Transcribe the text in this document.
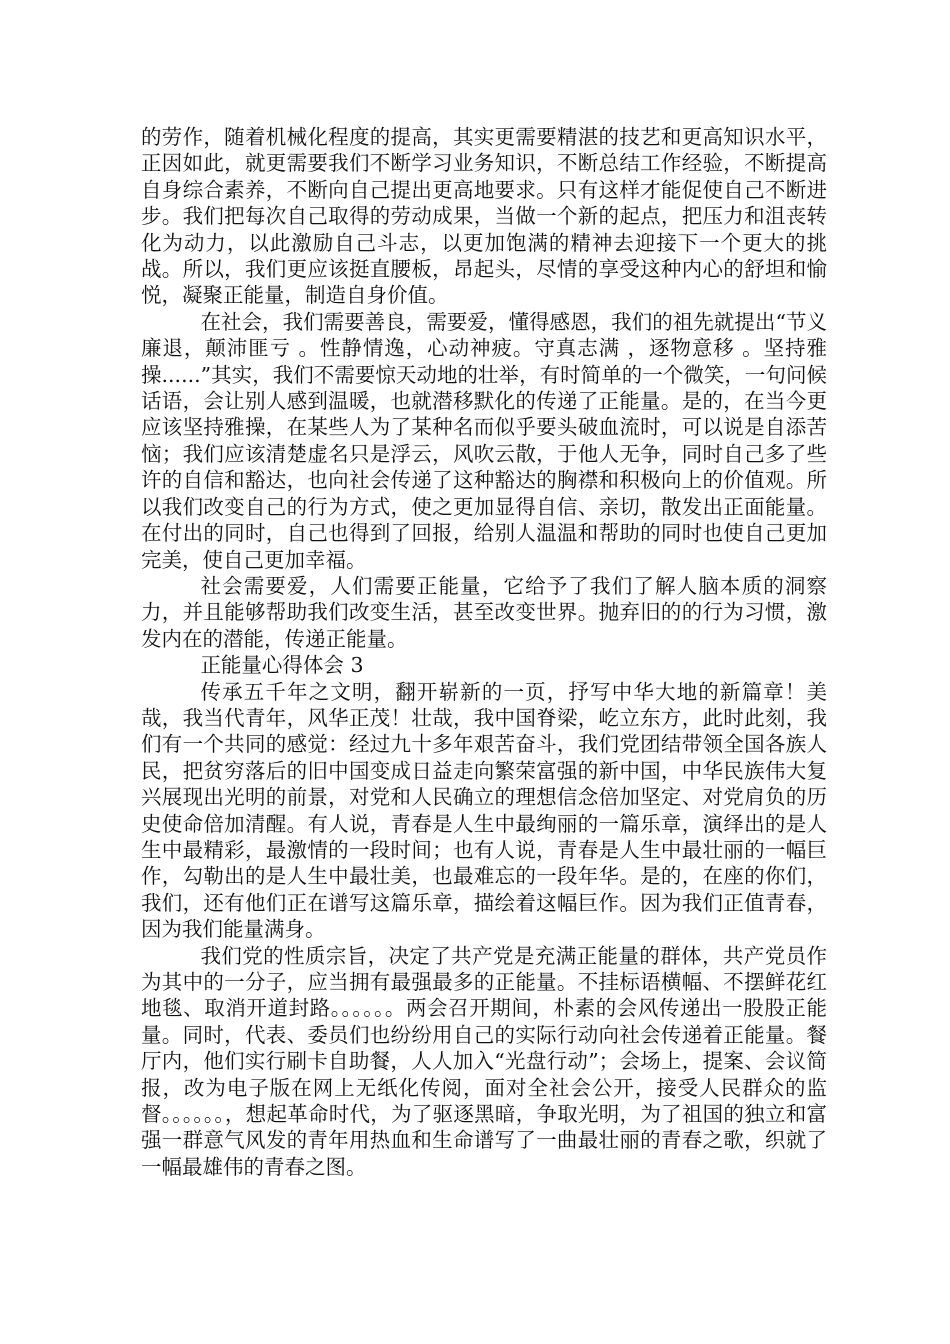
的劳作，随着机械化程度的提高，其实更需要精湛的技艺和更高知识水平，正因如此，就更需要我们不断学习业务知识，不断总结工作经验，不断提高自身综合素养，不断向自己提出更高地要求。只有这样才能促使自己不断进步。我们把每次自己取得的劳动成果，当做一个新的起点，把压力和沮丧转化为动力，以此激励自己斗志，以更加饱满的精神去迎接下一个更大的挑战。所以，我们更应该挺直腰板，昂起头，尽情的享受这种内心的舒坦和愉悦，凝聚正能量，制造自身价值。

在社会，我们需要善良，需要爱，懂得感恩，我们的祖先就提出“节义廉退，颠沛匪亏 。性静情逸，心动神疲。守真志满 ，逐物意移 。坚持雅操......”其实，我们不需要惊天动地的壮举，有时简单的一个微笑，一句问候话语，会让别人感到温暖，也就潜移默化的传递了正能量。是的，在当今更应该坚持雅操，在某些人为了某种名而似乎要头破血流时，可以说是自添苦恼；我们应该清楚虚名只是浮云，风吹云散，于他人无争，同时自己多了些许的自信和豁达，也向社会传递了这种豁达的胸襟和积极向上的价值观。所以我们改变自己的行为方式，使之更加显得自信、亲切，散发出正面能量。在付出的同时，自己也得到了回报，给别人温温和帮助的同时也使自己更加完美，使自己更加幸福。

社会需要爱，人们需要正能量，它给予了我们了解人脑本质的洞察力，并且能够帮助我们改变生活，甚至改变世界。抛弃旧的的行为习惯，激发内在的潜能，传递正能量。

正能量心得体会 3

传承五千年之文明，翻开崭新的一页，抒写中华大地的新篇章！美哉，我当代青年，风华正茂！壮哉，我中国脊梁，屹立东方，此时此刻，我们有一个共同的感觉：经过九十多年艰苦奋斗，我们党团结带领全国各族人民，把贫穷落后的旧中国变成日益走向繁荣富强的新中国，中华民族伟大复兴展现出光明的前景，对党和人民确立的理想信念倍加坚定、对党肩负的历史使命倍加清醒。有人说，青春是人生中最绚丽的一篇乐章，演绎出的是人生中最精彩，最激情的一段时间；也有人说，青春是人生中最壮丽的一幅巨作，勾勒出的是人生中最壮美，也最难忘的一段年华。是的，在座的你们，我们，还有他们正在谱写这篇乐章，描绘着这幅巨作。因为我们正值青春，因为我们能量满身。

我们党的性质宗旨，决定了共产党是充满正能量的群体，共产党员作为其中的一分子，应当拥有最强最多的正能量。不挂标语横幅、不摆鲜花红地毯、取消开道封路。。。。。。两会召开期间，朴素的会风传递出一股股正能量。同时，代表、委员们也纷纷用自己的实际行动向社会传递着正能量。餐厅内，他们实行刷卡自助餐，人人加入“光盘行动”；会场上，提案、会议简报，改为电子版在网上无纸化传阅，面对全社会公开，接受人民群众的监督。。。。。。，想起革命时代，为了驱逐黑暗，争取光明，为了祖国的独立和富强一群意气风发的青年用热血和生命谱写了一曲最壮丽的青春之歌，织就了一幅最雄伟的青春之图。
